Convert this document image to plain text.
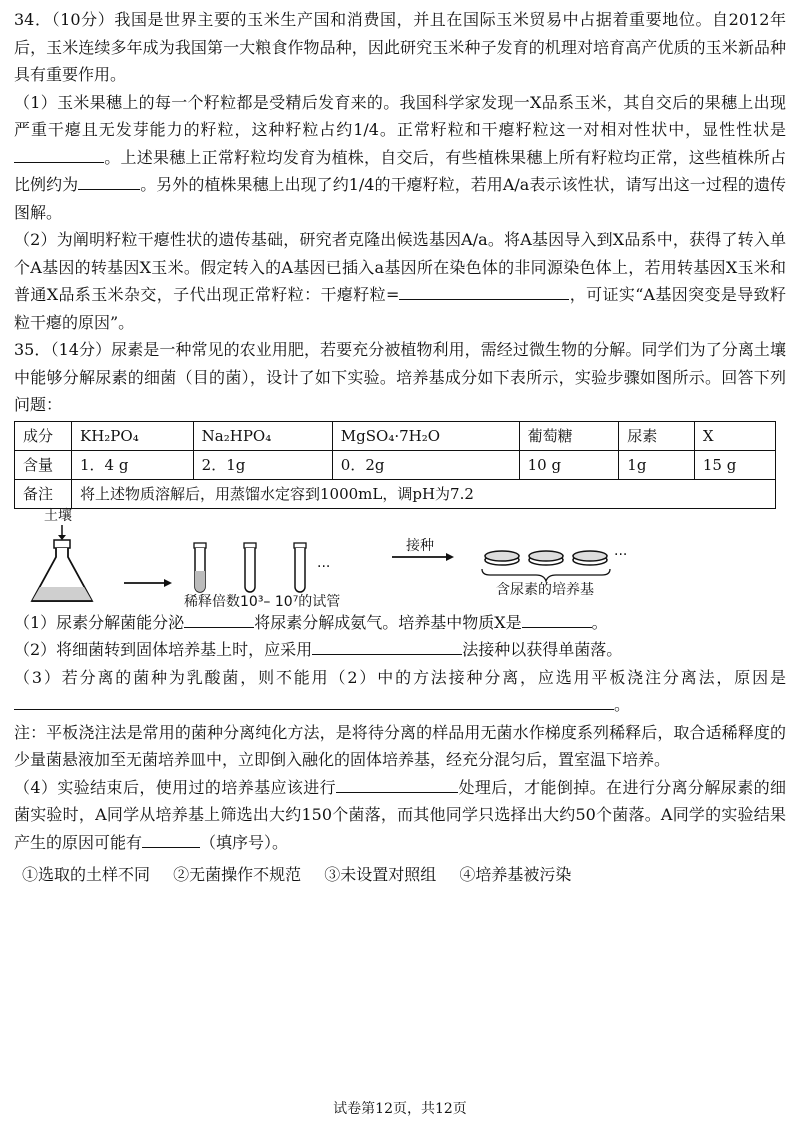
34．（10分）我国是世界主要的玉米生产国和消费国，并且在国际玉米贸易中占据着重要地位。自2012年后，玉米连续多年成为我国第一大粮食作物品种，因此研究玉米种子发育的机理对培育高产优质的玉米新品种具有重要作用。

（1）玉米果穗上的每一个籽粒都是受精后发育来的。我国科学家发现一X品系玉米，其自交后的果穗上出现严重干瘪且无发芽能力的籽粒，这种籽粒占约1/4。正常籽粒和干瘪籽粒这一对相对性状中，显性性状是。上述果穗上正常籽粒均发育为植株，自交后，有些植株果穗上所有籽粒均正常，这些植株所占比例约为	。另外的植株果穗上出现了约1/4的干瘪籽粒，若用A/a表示该性状，请写出这一过程的遗传图解。

（2）为阐明籽粒干瘪性状的遗传基础，研究者克隆出候选基因A/a。将A基因导入到X品系中，获得了转入单个A基因的转基因X玉米。假定转入的A基因已插入a基因所在染色体的非同源染色体上，若用转基因X玉米和普通X品系玉米杂交，子代出现正常籽粒：干瘪籽粒=	，可证实“A基因突变是导致籽粒干瘪的原因”。

35．（14分）尿素是一种常见的农业用肥，若要充分被植物利用，需经过微生物的分解。同学们为了分离土壤中能够分解尿素的细菌（目的菌），设计了如下实验。培养基成分如下表所示，实验步骤如图所示。回答下列问题：

成分	KH₂PO₄	Na₂HPO₄	MgSO₄·7H₂O	葡萄糖	尿素	X
含量	1．4 g	2．1g	0．2g	10 g	1g	15 g
备注	将上述物质溶解后，用蒸馏水定容到1000mL，调pH为7.2					
土壤
···
稀释倍数10³– 10⁷的试管
接种
···
含尿素的培养基

（1）尿素分解菌能分泌	将尿素分解成氨气。培养基中物质X是	。

（2）将细菌转到固体培养基上时，应采用	法接种以获得单菌落。

（3）若分离的菌种为乳酸菌，则不能用（2）中的方法接种分离，应选用平板浇注分离法，原因是。

注：平板浇注法是常用的菌种分离纯化方法，是将待分离的样品用无菌水作梯度系列稀释后，取合适稀释度的少量菌悬液加至无菌培养皿中，立即倒入融化的固体培养基，经充分混匀后，置室温下培养。

（4）实验结束后，使用过的培养基应该进行	处理后，才能倒掉。在进行分离分解尿素的细菌实验时，A同学从培养基上筛选出大约150个菌落，而其他同学只选择出大约50个菌落。A同学的实验结果产生的原因可能有	（填序号）。

①选取的土样不同 ②无菌操作不规范 ③未设置对照组 ④培养基被污染
试卷第12页，共12页
